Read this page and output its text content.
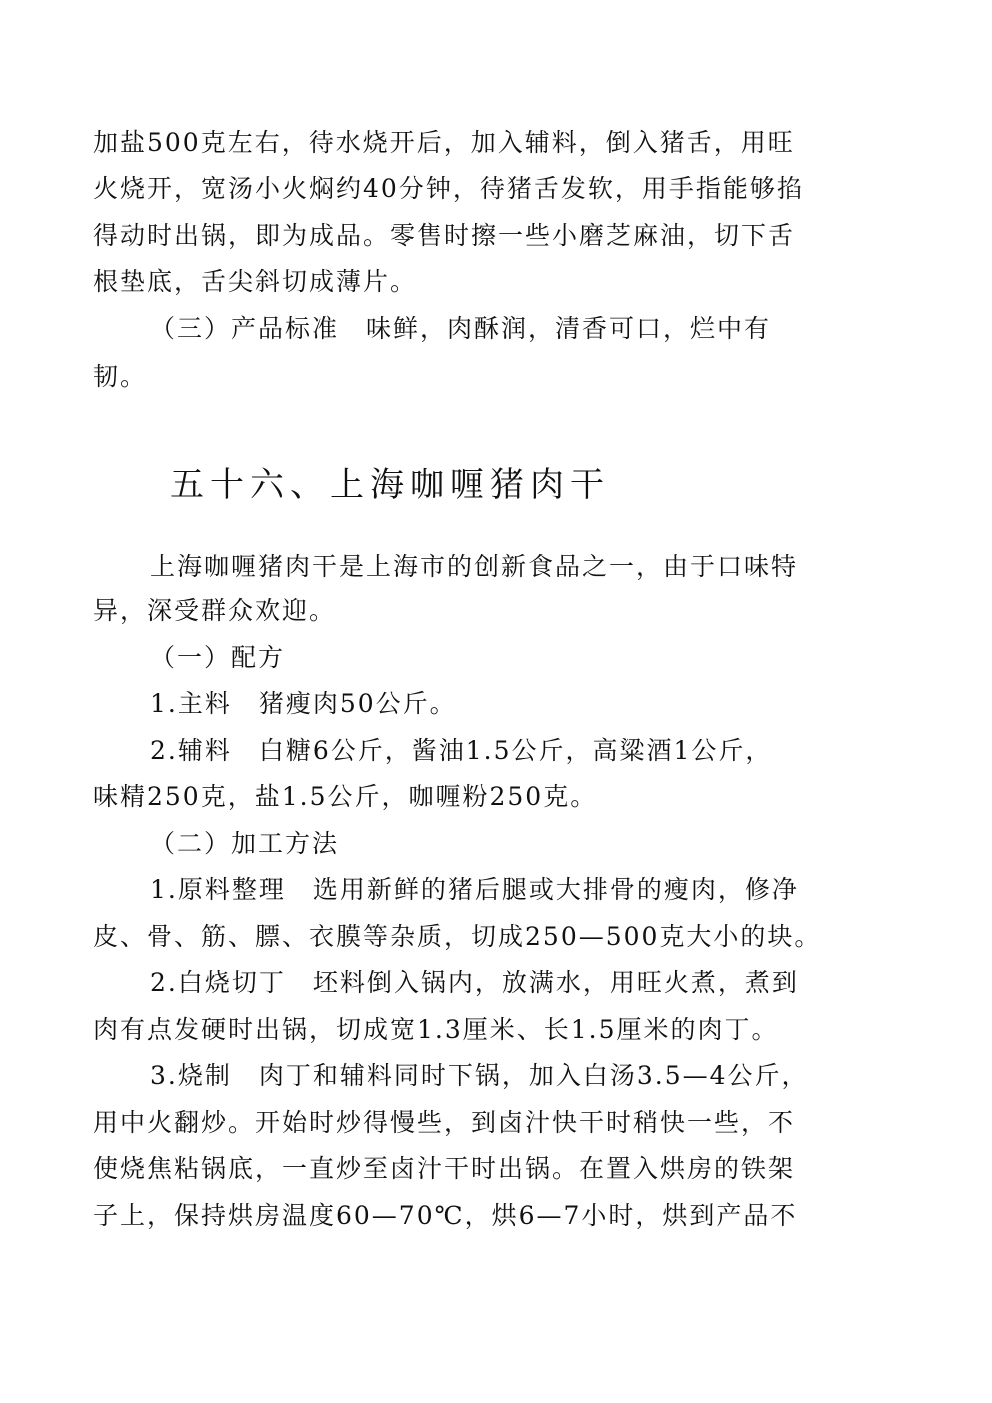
加盐500克左右，待水烧开后，加入辅料，倒入猪舌，用旺
火烧开，宽汤小火焖约40分钟，待猪舌发软，用手指能够掐
得动时出锅，即为成品。零售时擦一些小磨芝麻油，切下舌
根垫底，舌尖斜切成薄片。
（三）产品标准　味鲜，肉酥润，清香可口，烂中有
韧。
五十六、上海咖喱猪肉干
上海咖喱猪肉干是上海市的创新食品之一，由于口味特
异，深受群众欢迎。
（一）配方
1.主料　猪瘦肉50公斤。
2.辅料　白糖6公斤，酱油1.5公斤，高粱酒1公斤，
味精250克，盐1.5公斤，咖喱粉250克。
（二）加工方法
1.原料整理　选用新鲜的猪后腿或大排骨的瘦肉，修净
皮、骨、筋、膘、衣膜等杂质，切成250—500克大小的块。
2.白烧切丁　坯料倒入锅内，放满水，用旺火煮，煮到
肉有点发硬时出锅，切成宽1.3厘米、长1.5厘米的肉丁。
3.烧制　肉丁和辅料同时下锅，加入白汤3.5—4公斤，
用中火翻炒。开始时炒得慢些，到卤汁快干时稍快一些，不
使烧焦粘锅底，一直炒至卤汁干时出锅。在置入烘房的铁架
子上，保持烘房温度60—70℃，烘6—7小时，烘到产品不
